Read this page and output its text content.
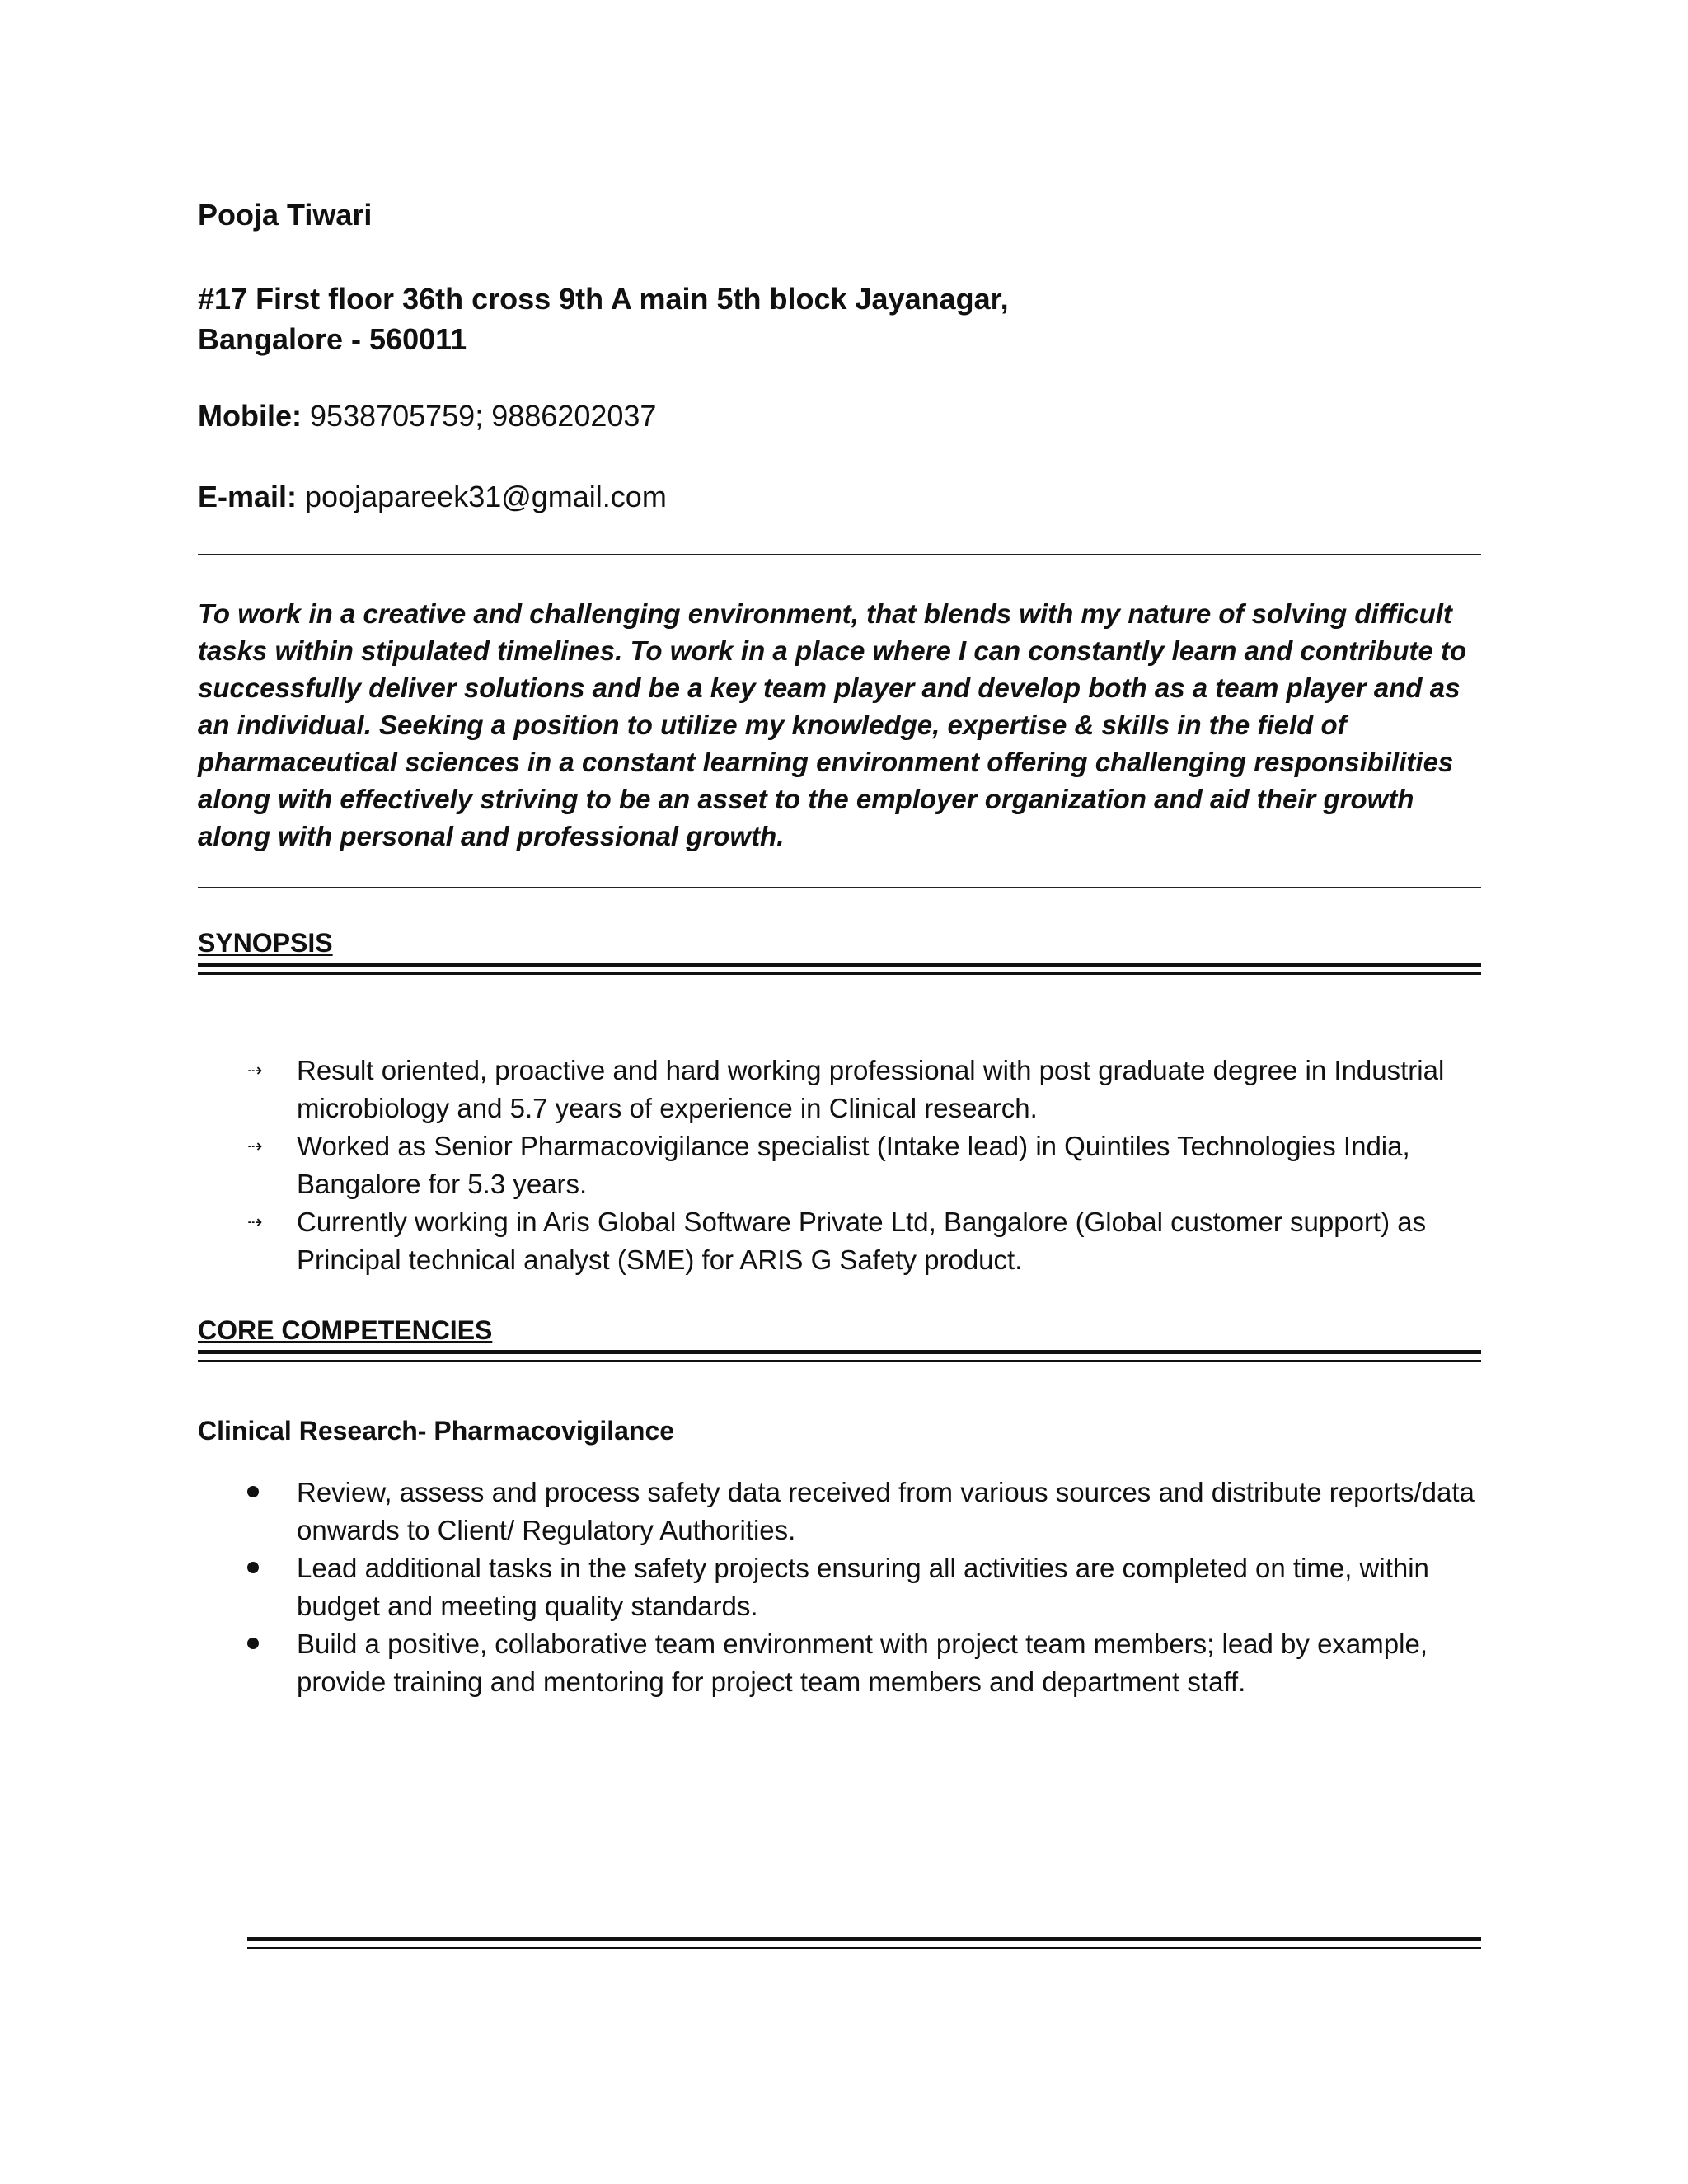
Pooja Tiwari
#17 First floor 36th cross 9th A main 5th block Jayanagar,
Bangalore - 560011
Mobile: 9538705759; 9886202037
E-mail: poojapareek31@gmail.com
To work in a creative and challenging environment, that blends with my nature of solving difficult tasks within stipulated timelines. To work in a place where I can constantly learn and contribute to successfully deliver solutions and be a key team player and develop both as a team player and as an individual. Seeking a position to utilize my knowledge, expertise & skills in the field of pharmaceutical sciences in a constant learning environment offering challenging responsibilities along with effectively striving to be an asset to the employer organization and aid their growth along with personal and professional growth.
SYNOPSIS
⇢	Result oriented, proactive and hard working professional with post graduate degree in Industrial microbiology and 5.7 years of experience in Clinical research.
⇢	Worked as Senior Pharmacovigilance specialist (Intake lead) in Quintiles Technologies India, Bangalore for 5.3 years.
⇢	Currently working in Aris Global Software Private Ltd, Bangalore (Global customer support) as Principal technical analyst (SME) for ARIS G Safety product.
CORE COMPETENCIES
Clinical Research- Pharmacovigilance
Review, assess and process safety data received from various sources and distribute reports/data onwards to Client/ Regulatory Authorities.
Lead additional tasks in the safety projects ensuring all activities are completed on time, within budget and meeting quality standards.
Build a positive, collaborative team environment with project team members; lead by example, provide training and mentoring for project team members and department staff.
